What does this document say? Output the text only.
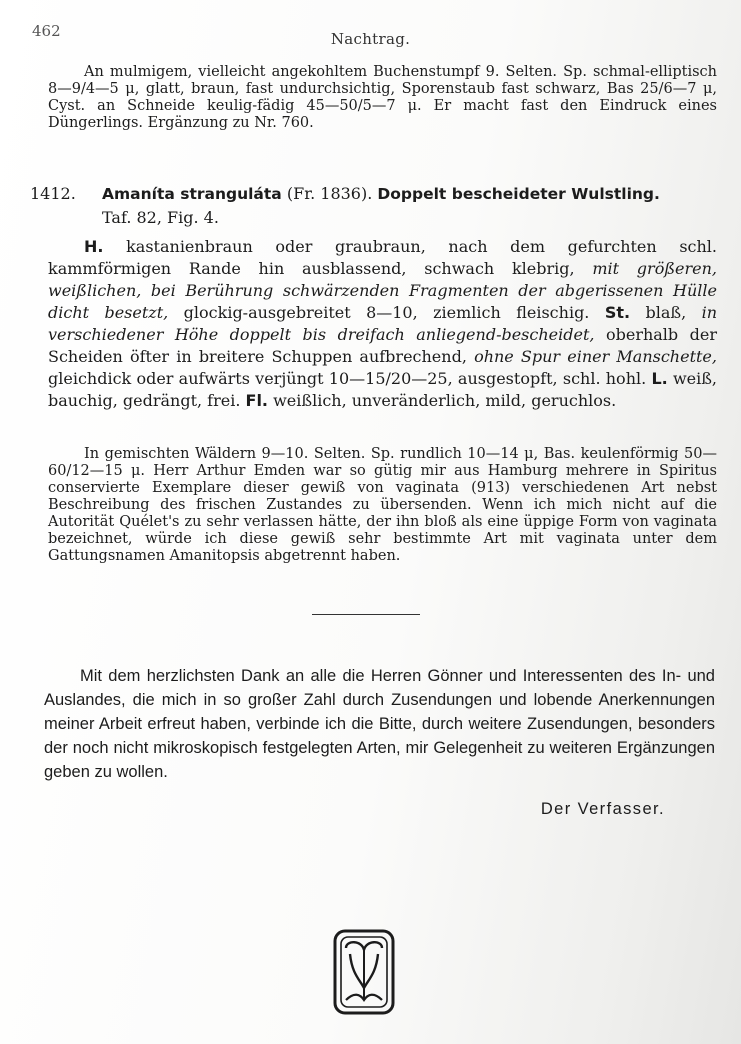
462	Nachtrag.

An mulmigem, vielleicht angekohltem Buchenstumpf 9. Selten. Sp. schmal-elliptisch 8—9/4—5 μ, glatt, braun, fast undurchsichtig, Sporenstaub fast schwarz, Bas 25/6—7 μ, Cyst. an Schneide keulig-fädig 45—50/5—7 μ. Er macht fast den Eindruck eines Düngerlings. Ergänzung zu Nr. 760.

1412. Amaníta stranguláta (Fr. 1836). Doppelt bescheideter Wulstling.
Taf. 82, Fig. 4.

H. kastanienbraun oder graubraun, nach dem gefurchten schl. kammförmigen Rande hin ausblassend, schwach klebrig, mit größeren, weißlichen, bei Berührung schwärzenden Fragmenten der abgerissenen Hülle dicht besetzt, glockig-ausgebreitet 8—10, ziemlich fleischig. St. blaß, in verschiedener Höhe doppelt bis dreifach anliegend-bescheidet, oberhalb der Scheiden öfter in breitere Schuppen aufbrechend, ohne Spur einer Manschette, gleichdick oder aufwärts verjüngt 10—15/20—25, ausgestopft, schl. hohl. L. weiß, bauchig, gedrängt, frei. Fl. weißlich, unveränderlich, mild, geruchlos.

In gemischten Wäldern 9—10. Selten. Sp. rundlich 10—14 μ, Bas. keulenförmig 50—60/12—15 μ. Herr Arthur Emden war so gütig mir aus Hamburg mehrere in Spiritus conservierte Exemplare dieser gewiß von vaginata (913) verschiedenen Art nebst Beschreibung des frischen Zustandes zu übersenden. Wenn ich mich nicht auf die Autorität Quélet's zu sehr verlassen hätte, der ihn bloß als eine üppige Form von vaginata bezeichnet, würde ich diese gewiß sehr bestimmte Art mit vaginata unter dem Gattungsnamen Amanitopsis abgetrennt haben.

Mit dem herzlichsten Dank an alle die Herren Gönner und Interessenten des In- und Auslandes, die mich in so großer Zahl durch Zusendungen und lobende Anerkennungen meiner Arbeit erfreut haben, verbinde ich die Bitte, durch weitere Zusendungen, besonders der noch nicht mikroskopisch festgelegten Arten, mir Gelegenheit zu weiteren Ergänzungen geben zu wollen.

Der Verfasser.
